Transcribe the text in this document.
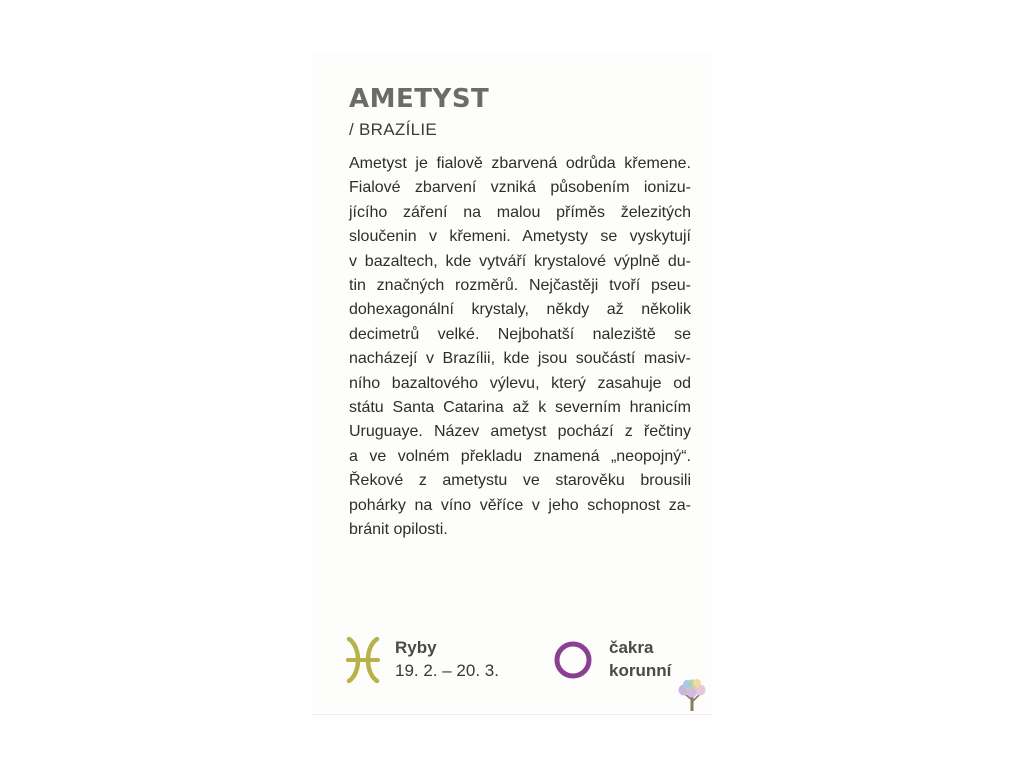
AMETYST
/ BRAZÍLIE
Ametyst je fialově zbarvená odrůda křemene.
Fialové zbarvení vzniká působením ionizu-
jícího záření na malou příměs železitých
sloučenin v křemeni. Ametysty se vyskytují
v bazaltech, kde vytváří krystalové výplně du-
tin značných rozměrů. Nejčastěji tvoří pseu-
dohexagonální krystaly, někdy až několik
decimetrů velké. Nejbohatší naleziště se
nacházejí v Brazílii, kde jsou součástí masiv-
ního bazaltového výlevu, který zasahuje od
státu Santa Catarina až k severním hranicím
Uruguaye. Název ametyst pochází z řečtiny
a ve volném překladu znamená „neopojný“.
Řekové z ametystu ve starověku brousili
pohárky na víno věříce v jeho schopnost za-
bránit opilosti.
Ryby
19. 2. – 20. 3.
čakra
korunní
